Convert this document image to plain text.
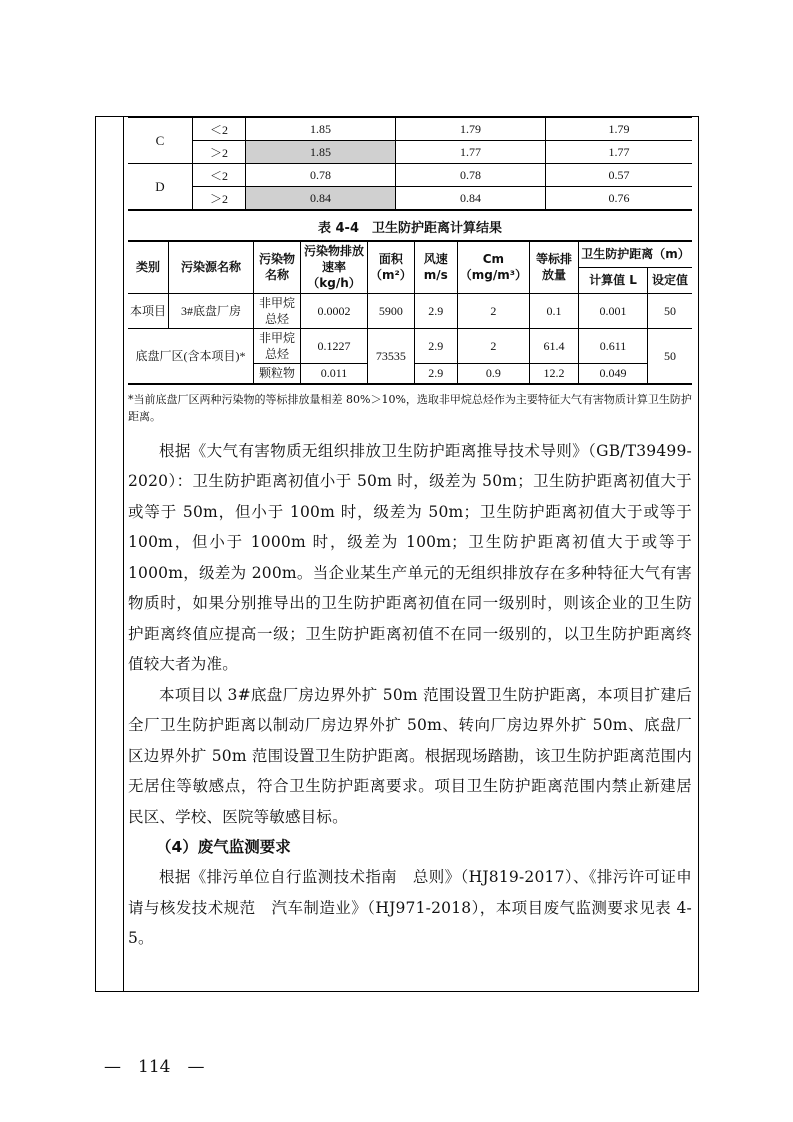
C	＜2	1.85	1.79	1.79
	＞2	1.85	1.77	1.77
D	＜2	0.78	0.78	0.57
	＞2	0.84	0.84	0.76
表 4-4　卫生防护距离计算结果
类别	污染源名称	污染物名称	污染物排放速率（kg/h）	面积（m²）	风速m/s	Cm（mg/m³）	等标排放量	卫生防护距离（m）	
								计算值 L	设定值
本项目	3#底盘厂房	非甲烷总烃	0.0002	5900	2.9	2	0.1	0.001	50
底盘厂区(含本项目)*		非甲烷总烃	0.1227	73535	2.9	2	61.4	0.611	50
		颗粒物	0.011		2.9	0.9	12.2	0.049	

*当前底盘厂区两种污染物的等标排放量相差 80%＞10%，选取非甲烷总烃作为主要特征大气有害物质计算卫生防护距离。

根据《大气有害物质无组织排放卫生防护距离推导技术导则》（GB/T39499-2020）：卫生防护距离初值小于 50m 时，级差为 50m；卫生防护距离初值大于或等于 50m，但小于 100m 时，级差为 50m；卫生防护距离初值大于或等于 100m，但小于 1000m 时，级差为 100m；卫生防护距离初值大于或等于 1000m，级差为 200m。当企业某生产单元的无组织排放存在多种特征大气有害物质时，如果分别推导出的卫生防护距离初值在同一级别时，则该企业的卫生防护距离终值应提高一级；卫生防护距离初值不在同一级别的，以卫生防护距离终值较大者为准。

本项目以 3#底盘厂房边界外扩 50m 范围设置卫生防护距离，本项目扩建后全厂卫生防护距离以制动厂房边界外扩 50m、转向厂房边界外扩 50m、底盘厂区边界外扩 50m 范围设置卫生防护距离。根据现场踏勘，该卫生防护距离范围内无居住等敏感点，符合卫生防护距离要求。项目卫生防护距离范围内禁止新建居民区、学校、医院等敏感目标。

（4）废气监测要求

根据《排污单位自行监测技术指南　总则》（HJ819-2017）、《排污许可证申请与核发技术规范　汽车制造业》（HJ971-2018），本项目废气监测要求见表 4-5。

—　114　—
